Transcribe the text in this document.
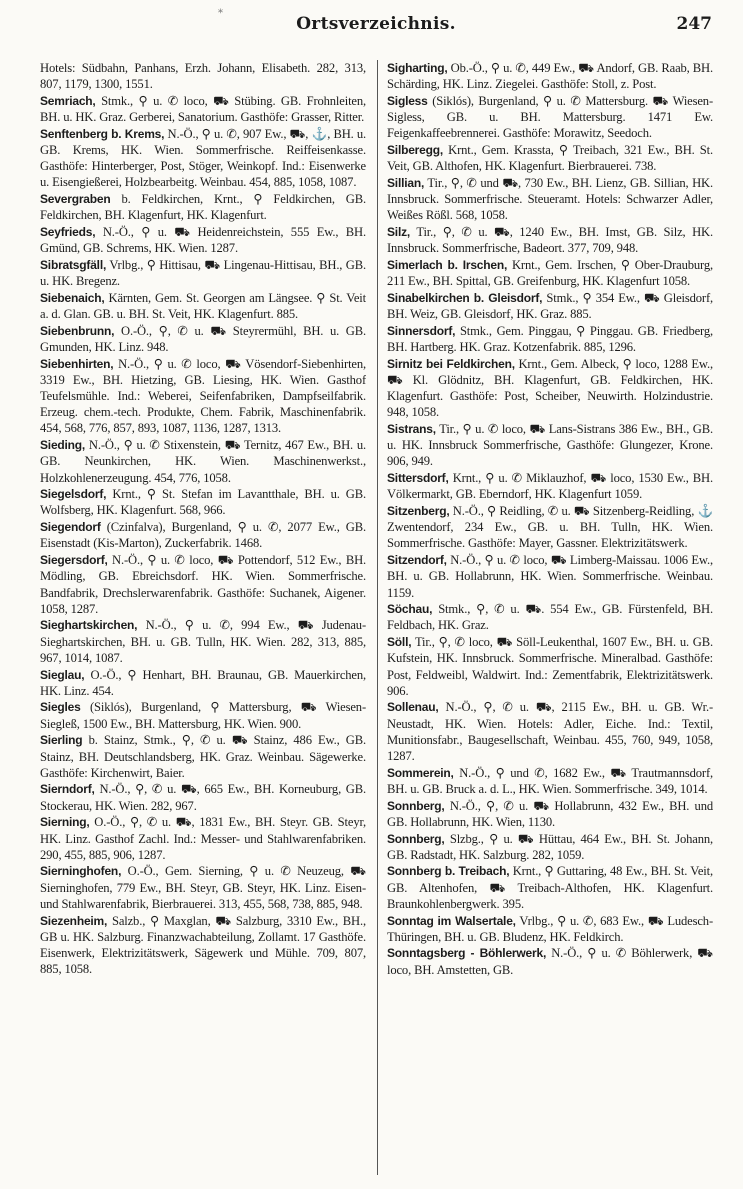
*
Ortsverzeichnis.	247

Hotels: Südbahn, Panhans, Erzh. Johann, Elisabeth. 282, 313, 807, 1179, 1300, 1551.

Semriach, Stmk., ⚲ u. ✆ loco, ⛟ Stübing. GB. Frohnleiten, BH. u. HK. Graz. Gerberei, Sanatorium. Gasthöfe: Grasser, Ritter.

Senftenberg b. Krems, N.-Ö., ⚲ u. ✆, 907 Ew., ⛟, ⚓, BH. u. GB. Krems, HK. Wien. Sommerfrische. Reiffeisenkasse. Gasthöfe: Hinterberger, Post, Stöger, Weinkopf. Ind.: Eisenwerke u. Eisengießerei, Holzbearbeitg. Weinbau. 454, 885, 1058, 1087.

Severgraben b. Feldkirchen, Krnt., ⚲ Feldkirchen, GB. Feldkirchen, BH. Klagenfurt, HK. Klagenfurt.

Seyfrieds, N.-Ö., ⚲ u. ⛟ Heidenreichstein, 555 Ew., BH. Gmünd, GB. Schrems, HK. Wien. 1287.

Sibratsgfäll, Vrlbg., ⚲ Hittisau, ⛟ Lingenau-Hittisau, BH., GB. u. HK. Bregenz.

Siebenaich, Kärnten, Gem. St. Georgen am Längsee. ⚲ St. Veit a. d. Glan. GB. u. BH. St. Veit, HK. Klagenfurt. 885.

Siebenbrunn, O.-Ö., ⚲, ✆ u. ⛟ Steyrermühl, BH. u. GB. Gmunden, HK. Linz. 948.

Siebenhirten, N.-Ö., ⚲ u. ✆ loco, ⛟ Vösendorf-Siebenhirten, 3319 Ew., BH. Hietzing, GB. Liesing, HK. Wien. Gasthof Teufelsmühle. Ind.: Weberei, Seifenfabriken, Dampfseilfabrik. Erzeug. chem.-tech. Produkte, Chem. Fabrik, Maschinenfabrik. 454, 568, 776, 857, 893, 1087, 1136, 1287, 1313.

Sieding, N.-Ö., ⚲ u. ✆ Stixenstein, ⛟ Ternitz, 467 Ew., BH. u. GB. Neunkirchen, HK. Wien. Maschinenwerkst., Holzkohlenerzeugung. 454, 776, 1058.

Siegelsdorf, Krnt., ⚲ St. Stefan im Lavantthale, BH. u. GB. Wolfsberg, HK. Klagenfurt. 568, 966.

Siegendorf (Czinfalva), Burgenland, ⚲ u. ✆, 2077 Ew., GB. Eisenstadt (Kis-Marton), Zuckerfabrik. 1468.

Siegersdorf, N.-Ö., ⚲ u. ✆ loco, ⛟ Pottendorf, 512 Ew., BH. Mödling, GB. Ebreichsdorf. HK. Wien. Sommerfrische. Bandfabrik, Drechslerwarenfabrik. Gasthöfe: Suchanek, Aigener. 1058, 1287.

Sieghartskirchen, N.-Ö., ⚲ u. ✆, 994 Ew., ⛟ Judenau-Sieghartskirchen, BH. u. GB. Tulln, HK. Wien. 282, 313, 885, 967, 1014, 1087.

Sieglau, O.-Ö., ⚲ Henhart, BH. Braunau, GB. Mauerkirchen, HK. Linz. 454.

Siegles (Siklós), Burgenland, ⚲ Mattersburg, ⛟ Wiesen-Siegleß, 1500 Ew., BH. Mattersburg, HK. Wien. 900.

Sierling b. Stainz, Stmk., ⚲, ✆ u. ⛟ Stainz, 486 Ew., GB. Stainz, BH. Deutschlandsberg, HK. Graz. Weinbau. Sägewerke. Gasthöfe: Kirchenwirt, Baier.

Sierndorf, N.-Ö., ⚲, ✆ u. ⛟, 665 Ew., BH. Korneuburg, GB. Stockerau, HK. Wien. 282, 967.

Sierning, O.-Ö., ⚲, ✆ u. ⛟, 1831 Ew., BH. Steyr. GB. Steyr, HK. Linz. Gasthof Zachl. Ind.: Messer- und Stahlwarenfabriken. 290, 455, 885, 906, 1287.

Sierninghofen, O.-Ö., Gem. Sierning, ⚲ u. ✆ Neuzeug, ⛟ Sierninghofen, 779 Ew., BH. Steyr, GB. Steyr, HK. Linz. Eisen- und Stahlwarenfabrik, Bierbrauerei. 313, 455, 568, 738, 885, 948.

Siezenheim, Salzb., ⚲ Maxglan, ⛟ Salzburg, 3310 Ew., BH., GB u. HK. Salzburg. Finanzwachabteilung, Zollamt. 17 Gasthöfe. Eisenwerk, Elektrizitätswerk, Sägewerk und Mühle. 709, 807, 885, 1058.

Sigharting, Ob.-Ö., ⚲ u. ✆, 449 Ew., ⛟ Andorf, GB. Raab, BH. Schärding, HK. Linz. Ziegelei. Gasthöfe: Stoll, z. Post.

Sigless (Siklós), Burgenland, ⚲ u. ✆ Mattersburg. ⛟ Wiesen-Sigless, GB. u. BH. Mattersburg. 1471 Ew. Feigenkaffeebrennerei. Gasthöfe: Morawitz, Seedoch.

Silberegg, Krnt., Gem. Krassta, ⚲ Treibach, 321 Ew., BH. St. Veit, GB. Althofen, HK. Klagenfurt. Bierbrauerei. 738.

Sillian, Tir., ⚲, ✆ und ⛟, 730 Ew., BH. Lienz, GB. Sillian, HK. Innsbruck. Sommerfrische. Steueramt. Hotels: Schwarzer Adler, Weißes Rößl. 568, 1058.

Silz, Tir., ⚲, ✆ u. ⛟, 1240 Ew., BH. Imst, GB. Silz, HK. Innsbruck. Sommerfrische, Badeort. 377, 709, 948.

Simerlach b. Irschen, Krnt., Gem. Irschen, ⚲ Ober-Drauburg, 211 Ew., BH. Spittal, GB. Greifenburg, HK. Klagenfurt 1058.

Sinabelkirchen b. Gleisdorf, Stmk., ⚲ 354 Ew., ⛟ Gleisdorf, BH. Weiz, GB. Gleisdorf, HK. Graz. 885.

Sinnersdorf, Stmk., Gem. Pinggau, ⚲ Pinggau. GB. Friedberg, BH. Hartberg. HK. Graz. Kotzenfabrik. 885, 1296.

Sirnitz bei Feldkirchen, Krnt., Gem. Albeck, ⚲ loco, 1288 Ew., ⛟ Kl. Glödnitz, BH. Klagenfurt, GB. Feldkirchen, HK. Klagenfurt. Gasthöfe: Post, Scheiber, Neuwirth. Holzindustrie. 948, 1058.

Sistrans, Tir., ⚲ u. ✆ loco, ⛟ Lans-Sistrans 386 Ew., BH., GB. u. HK. Innsbruck Sommerfrische, Gasthöfe: Glungezer, Krone. 906, 949.

Sittersdorf, Krnt., ⚲ u. ✆ Miklauzhof, ⛟ loco, 1530 Ew., BH. Völkermarkt, GB. Eberndorf, HK. Klagenfurt 1059.

Sitzenberg, N.-Ö., ⚲ Reidling, ✆ u. ⛟ Sitzenberg-Reidling, ⚓ Zwentendorf, 234 Ew., GB. u. BH. Tulln, HK. Wien. Sommerfrische. Gasthöfe: Mayer, Gassner. Elektrizitätswerk.

Sitzendorf, N.-Ö., ⚲ u. ✆ loco, ⛟ Limberg-Maissau. 1006 Ew., BH. u. GB. Hollabrunn, HK. Wien. Sommerfrische. Weinbau. 1159.

Söchau, Stmk., ⚲, ✆ u. ⛟. 554 Ew., GB. Fürstenfeld, BH. Feldbach, HK. Graz.

Söll, Tir., ⚲, ✆ loco, ⛟ Söll-Leukenthal, 1607 Ew., BH. u. GB. Kufstein, HK. Innsbruck. Sommerfrische. Mineralbad. Gasthöfe: Post, Feldweibl, Waldwirt. Ind.: Zementfabrik, Elektrizitätswerk. 906.

Sollenau, N.-Ö., ⚲, ✆ u. ⛟, 2115 Ew., BH. u. GB. Wr.-Neustadt, HK. Wien. Hotels: Adler, Eiche. Ind.: Textil, Munitionsfabr., Baugesellschaft, Weinbau. 455, 760, 949, 1058, 1287.

Sommerein, N.-Ö., ⚲ und ✆, 1682 Ew., ⛟ Trautmannsdorf, BH. u. GB. Bruck a. d. L., HK. Wien. Sommerfrische. 349, 1014.

Sonnberg, N.-Ö., ⚲, ✆ u. ⛟ Hollabrunn, 432 Ew., BH. und GB. Hollabrunn, HK. Wien, 1130.

Sonnberg, Slzbg., ⚲ u. ⛟ Hüttau, 464 Ew., BH. St. Johann, GB. Radstadt, HK. Salzburg. 282, 1059.

Sonnberg b. Treibach, Krnt., ⚲ Guttaring, 48 Ew., BH. St. Veit, GB. Altenhofen, ⛟ Treibach-Althofen, HK. Klagenfurt. Braunkohlenbergwerk. 395.

Sonntag im Walsertale, Vrlbg., ⚲ u. ✆, 683 Ew., ⛟ Ludesch-Thüringen, BH. u. GB. Bludenz, HK. Feldkirch.

Sonntagsberg - Böhlerwerk, N.-Ö., ⚲ u. ✆ Böhlerwerk, ⛟ loco, BH. Amstetten, GB.
